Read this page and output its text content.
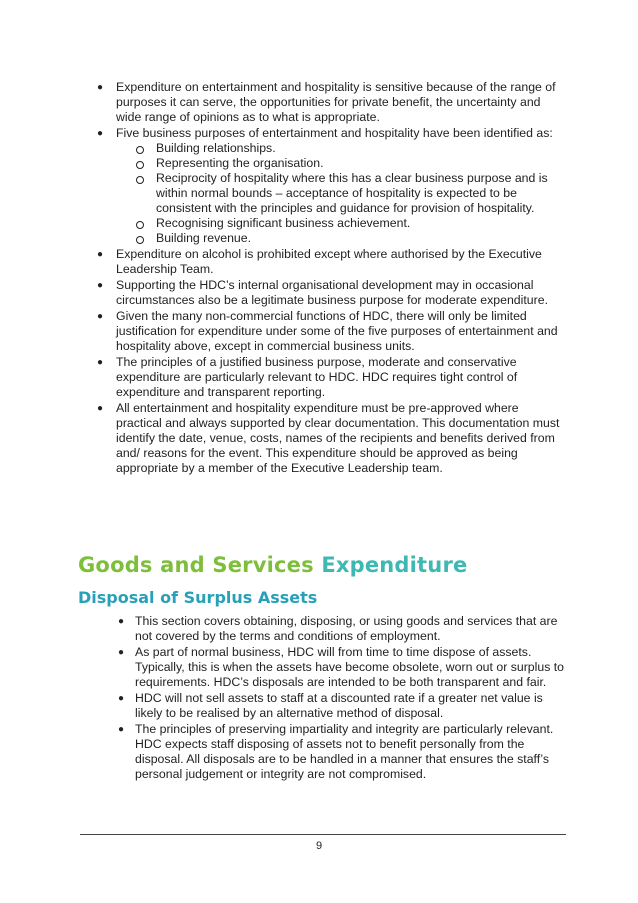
● Expenditure on entertainment and hospitality is sensitive because of the range of purposes it can serve, the opportunities for private benefit, the uncertainty and wide range of opinions as to what is appropriate.
● Five business purposes of entertainment and hospitality have been identified as:
Building relationships.
Representing the organisation.
Reciprocity of hospitality where this has a clear business purpose and is within normal bounds – acceptance of hospitality is expected to be consistent with the principles and guidance for provision of hospitality.
Recognising significant business achievement.
Building revenue.
● Expenditure on alcohol is prohibited except where authorised by the Executive Leadership Team.
● Supporting the HDC’s internal organisational development may in occasional circumstances also be a legitimate business purpose for moderate expenditure.
● Given the many non-commercial functions of HDC, there will only be limited justification for expenditure under some of the five purposes of entertainment and hospitality above, except in commercial business units.
● The principles of a justified business purpose, moderate and conservative expenditure are particularly relevant to HDC. HDC requires tight control of expenditure and transparent reporting.
● All entertainment and hospitality expenditure must be pre-approved where practical and always supported by clear documentation. This documentation must identify the date, venue, costs, names of the recipients and benefits derived from and/ reasons for the event. This expenditure should be approved as being appropriate by a member of the Executive Leadership team.
Goods and Services Expenditure
Disposal of Surplus Assets
● This section covers obtaining, disposing, or using goods and services that are not covered by the terms and conditions of employment.
● As part of normal business, HDC will from time to time dispose of assets. Typically, this is when the assets have become obsolete, worn out or surplus to requirements. HDC’s disposals are intended to be both transparent and fair.
● HDC will not sell assets to staff at a discounted rate if a greater net value is likely to be realised by an alternative method of disposal.
● The principles of preserving impartiality and integrity are particularly relevant. HDC expects staff disposing of assets not to benefit personally from the disposal. All disposals are to be handled in a manner that ensures the staff’s personal judgement or integrity are not compromised.
9
